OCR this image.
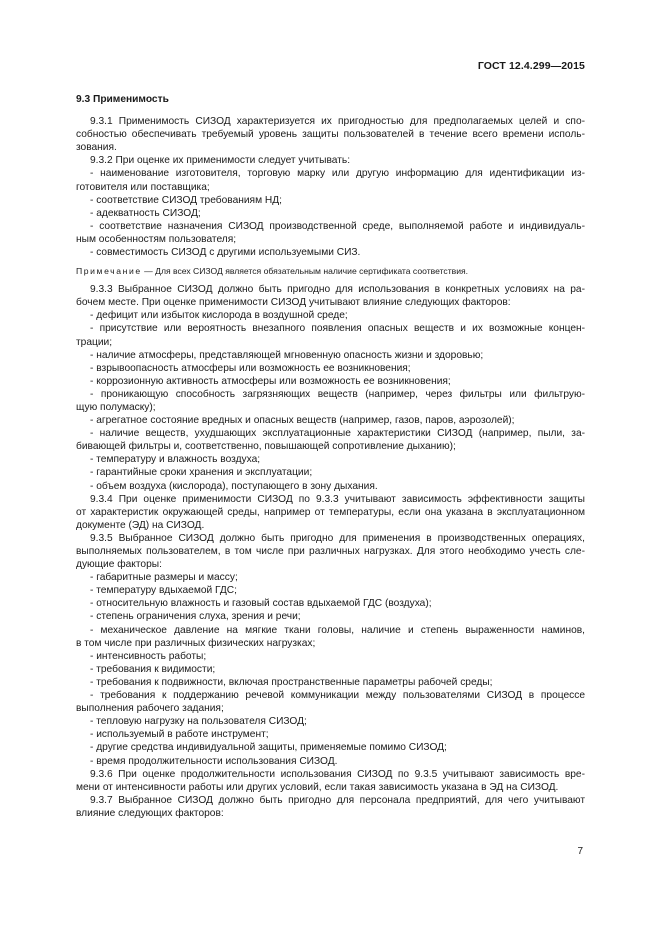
ГОСТ 12.4.299—2015

9.3 Применимость

9.3.1 Применимость СИЗОД характеризуется их пригодностью для предполагаемых целей и спо-

собностью обеспечивать требуемый уровень защиты пользователей в течение всего времени исполь-

зования.

9.3.2 При оценке их применимости следует учитывать:

- наименование изготовителя, торговую марку или другую информацию для идентификации из-

готовителя или поставщика;

- соответствие СИЗОД требованиям НД;

- адекватность СИЗОД;

- соответствие назначения СИЗОД производственной среде, выполняемой работе и индивидуаль-

ным особенностям пользователя;

- совместимость СИЗОД с другими используемыми СИЗ.

Примечание — Для всех СИЗОД является обязательным наличие сертификата соответствия.

9.3.3 Выбранное СИЗОД должно быть пригодно для использования в конкретных условиях на ра-

бочем месте. При оценке применимости СИЗОД учитывают влияние следующих факторов:

- дефицит или избыток кислорода в воздушной среде;

- присутствие или вероятность внезапного появления опасных веществ и их возможные концен-

трации;

- наличие атмосферы, представляющей мгновенную опасность жизни и здоровью;

- взрывоопасность атмосферы или возможность ее возникновения;

- коррозионную активность атмосферы или возможность ее возникновения;

- проникающую способность загрязняющих веществ (например, через фильтры или фильтрую-

щую полумаску);

- агрегатное состояние вредных и опасных веществ (например, газов, паров, аэрозолей);

- наличие веществ, ухудшающих эксплуатационные характеристики СИЗОД (например, пыли, за-

бивающей фильтры и, соответственно, повышающей сопротивление дыханию);

- температуру и влажность воздуха;

- гарантийные сроки хранения и эксплуатации;

- объем воздуха (кислорода), поступающего в зону дыхания.

9.3.4 При оценке применимости СИЗОД по 9.3.3 учитывают зависимость эффективности защиты

от характеристик окружающей среды, например от температуры, если она указана в эксплуатационном

документе (ЭД) на СИЗОД.

9.3.5 Выбранное СИЗОД должно быть пригодно для применения в производственных операциях,

выполняемых пользователем, в том числе при различных нагрузках. Для этого необходимо учесть сле-

дующие факторы:

- габаритные размеры и массу;

- температуру вдыхаемой ГДС;

- относительную влажность и газовый состав вдыхаемой ГДС (воздуха);

- степень ограничения слуха, зрения и речи;

- механическое давление на мягкие ткани головы, наличие и степень выраженности наминов,

в том числе при различных физических нагрузках;

- интенсивность работы;

- требования к видимости;

- требования к подвижности, включая пространственные параметры рабочей среды;

- требования к поддержанию речевой коммуникации между пользователями СИЗОД в процессе

выполнения рабочего задания;

- тепловую нагрузку на пользователя СИЗОД;

- используемый в работе инструмент;

- другие средства индивидуальной защиты, применяемые помимо СИЗОД;

- время продолжительности использования СИЗОД.

9.3.6 При оценке продолжительности использования СИЗОД по 9.3.5 учитывают зависимость вре-

мени от интенсивности работы или других условий, если такая зависимость указана в ЭД на СИЗОД.

9.3.7 Выбранное СИЗОД должно быть пригодно для персонала предприятий, для чего учитывают

влияние следующих факторов:

7
